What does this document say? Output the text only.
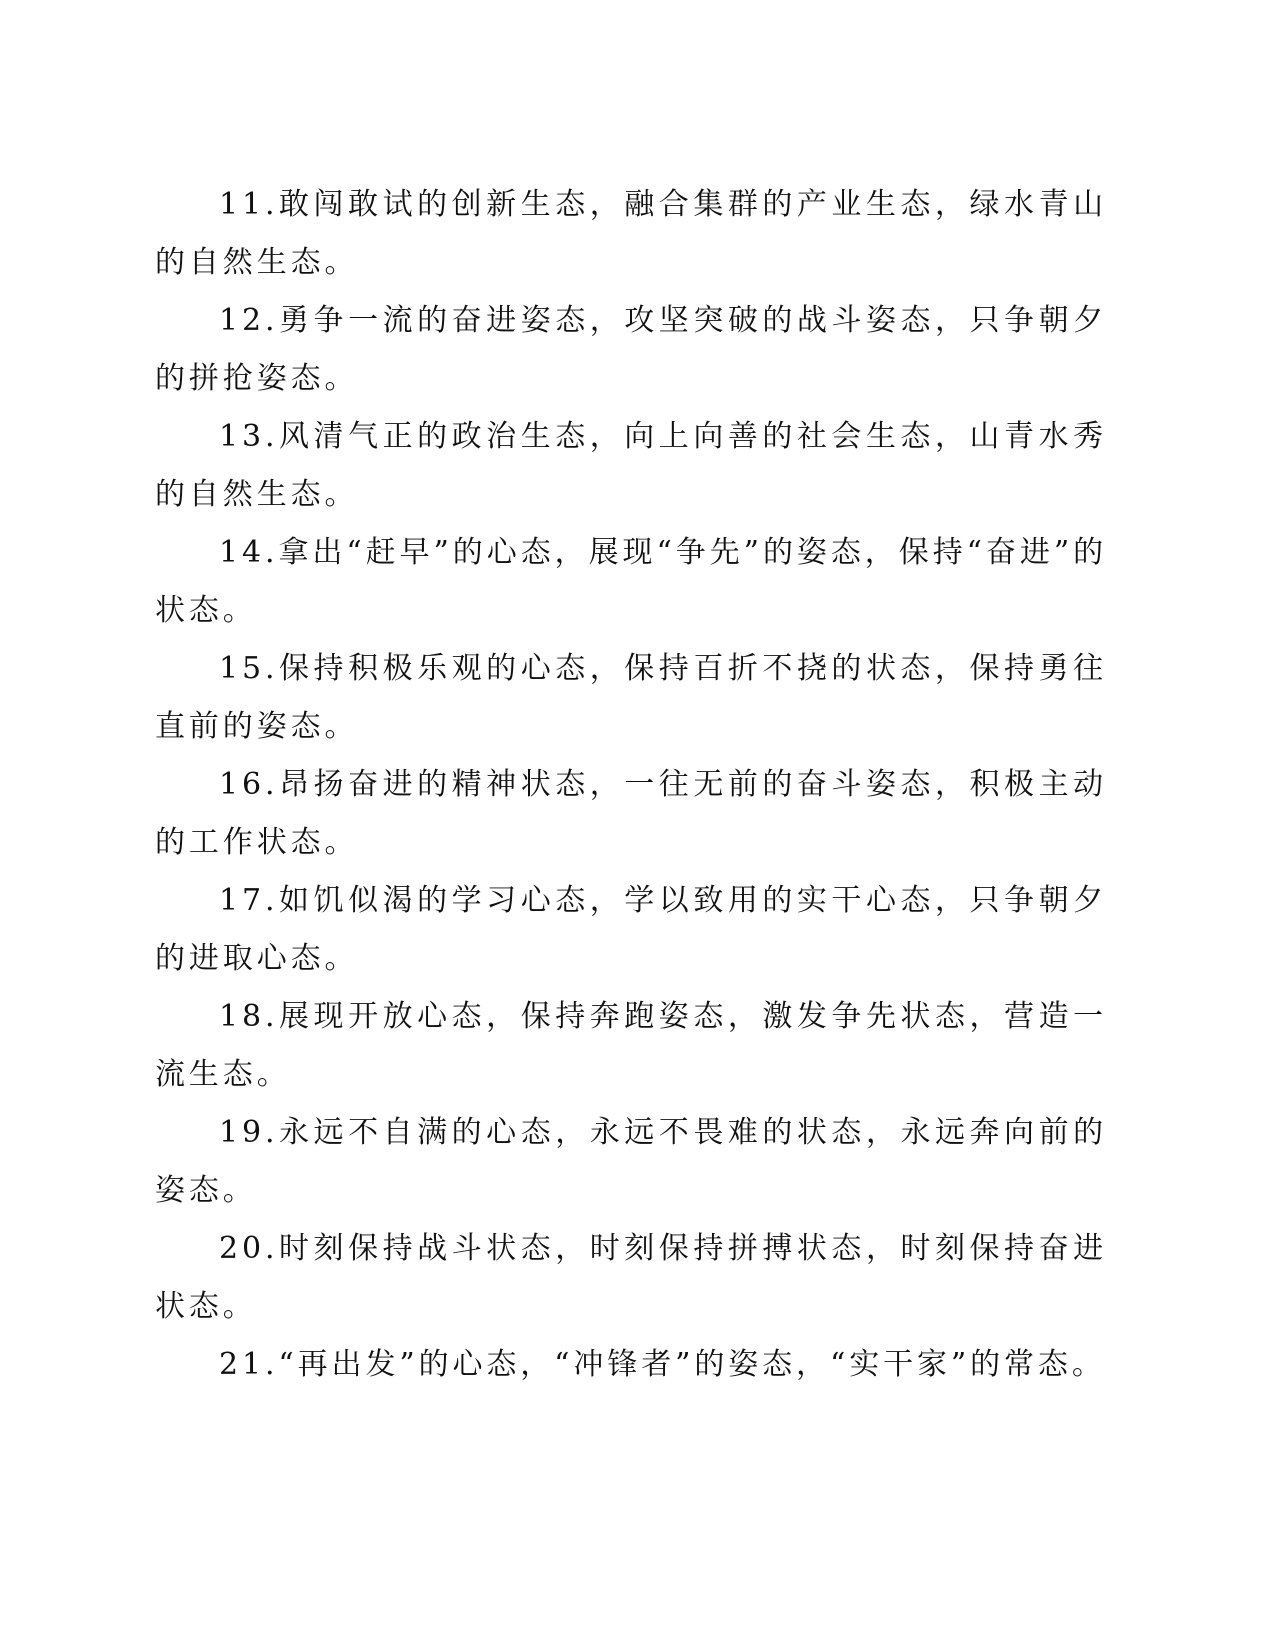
11.敢闯敢试的创新生态，融合集群的产业生态，绿水青山的自然生态。

12.勇争一流的奋进姿态，攻坚突破的战斗姿态，只争朝夕的拼抢姿态。

13.风清气正的政治生态，向上向善的社会生态，山青水秀的自然生态。

14.拿出“赶早”的心态，展现“争先”的姿态，保持“奋进”的状态。

15.保持积极乐观的心态，保持百折不挠的状态，保持勇往直前的姿态。

16.昂扬奋进的精神状态，一往无前的奋斗姿态，积极主动的工作状态。

17.如饥似渴的学习心态，学以致用的实干心态，只争朝夕的进取心态。

18.展现开放心态，保持奔跑姿态，激发争先状态，营造一流生态。

19.永远不自满的心态，永远不畏难的状态，永远奔向前的姿态。

20.时刻保持战斗状态，时刻保持拼搏状态，时刻保持奋进状态。

21.“再出发”的心态，“冲锋者”的姿态，“实干家”的常态。
